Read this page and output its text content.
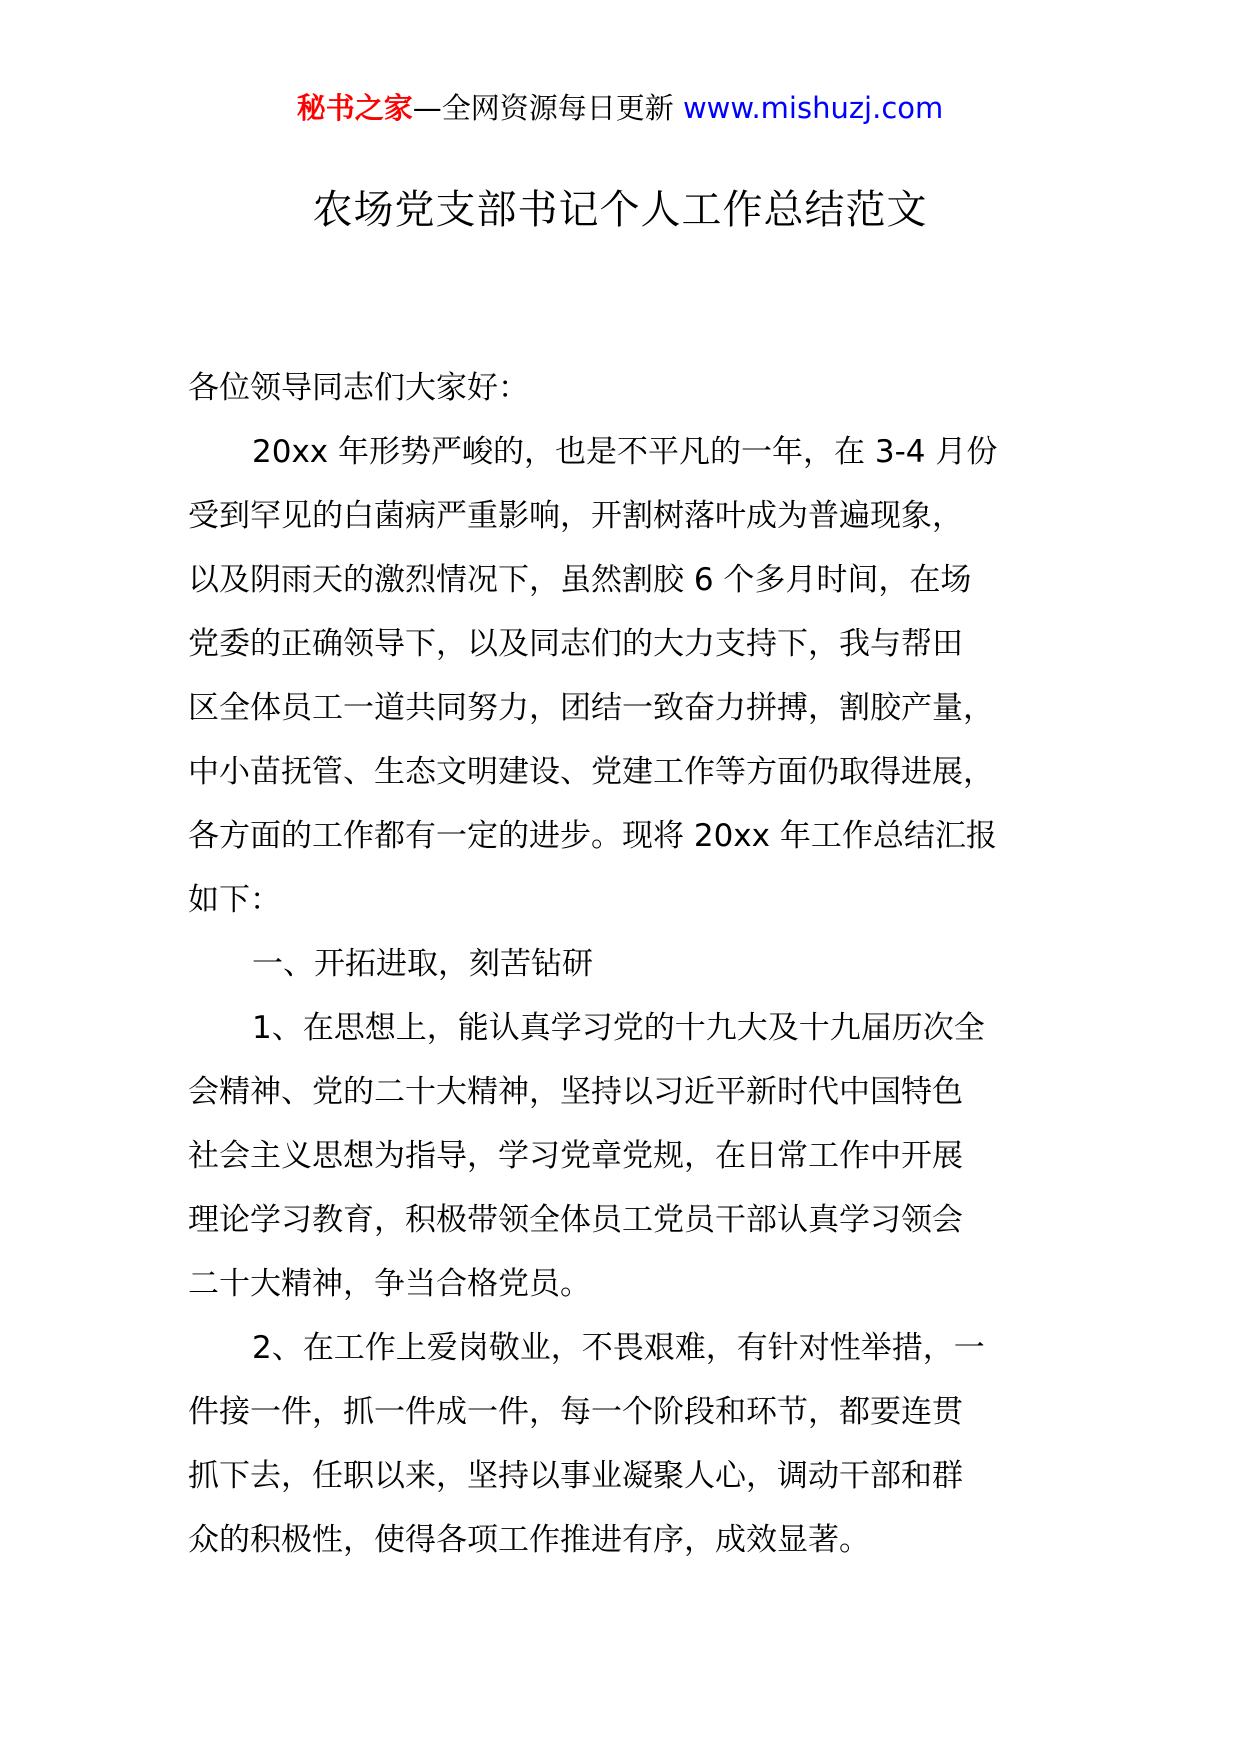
秘书之家—全网资源每日更新 www.mishuzj.com
农场党支部书记个人工作总结范文

各位领导同志们大家好：

20xx 年形势严峻的，也是不平凡的一年，在 3-4 月份

受到罕见的白菌病严重影响，开割树落叶成为普遍现象，

以及阴雨天的激烈情况下，虽然割胶 6 个多月时间，在场

党委的正确领导下，以及同志们的大力支持下，我与帮田

区全体员工一道共同努力，团结一致奋力拼搏，割胶产量，

中小苗抚管、生态文明建设、党建工作等方面仍取得进展，

各方面的工作都有一定的进步。现将 20xx 年工作总结汇报

如下：

一、开拓进取，刻苦钻研

1、在思想上，能认真学习党的十九大及十九届历次全

会精神、党的二十大精神，坚持以习近平新时代中国特色

社会主义思想为指导，学习党章党规，在日常工作中开展

理论学习教育，积极带领全体员工党员干部认真学习领会

二十大精神，争当合格党员。

2、在工作上爱岗敬业，不畏艰难，有针对性举措，一

件接一件，抓一件成一件，每一个阶段和环节，都要连贯

抓下去，任职以来，坚持以事业凝聚人心，调动干部和群

众的积极性，使得各项工作推进有序，成效显著。
